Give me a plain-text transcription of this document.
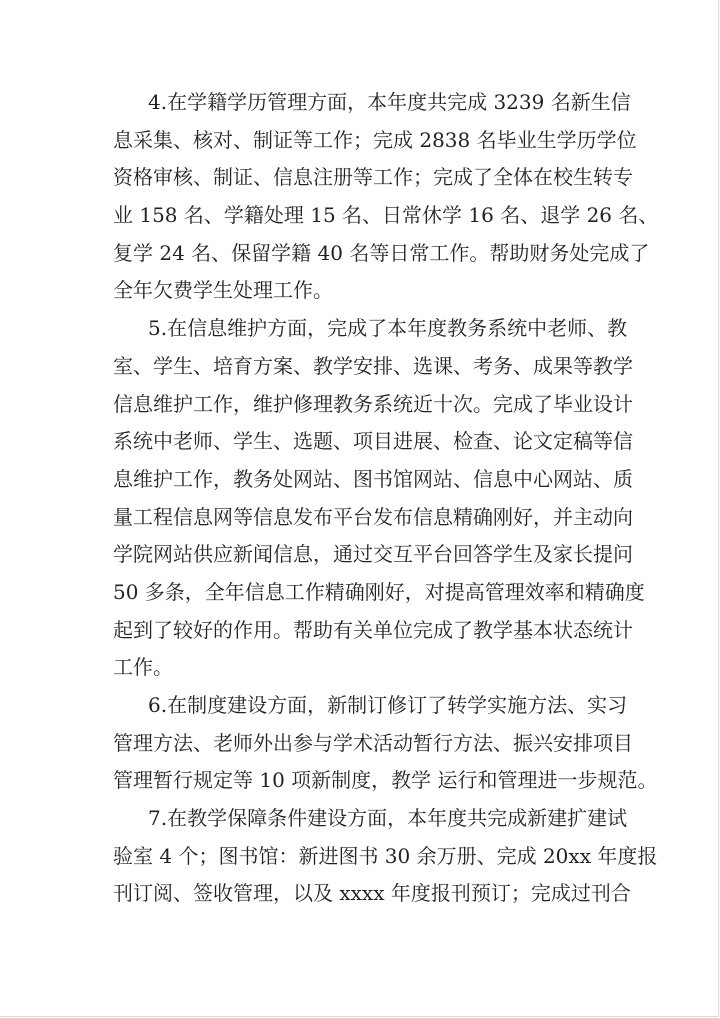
4.在学籍学历管理方面，本年度共完成 3239 名新生信
息采集、核对、制证等工作；完成 2838 名毕业生学历学位
资格审核、制证、信息注册等工作；完成了全体在校生转专
业 158 名、学籍处理 15 名、日常休学 16 名、退学 26 名、
复学 24 名、保留学籍 40 名等日常工作。帮助财务处完成了
全年欠费学生处理工作。
5.在信息维护方面，完成了本年度教务系统中老师、教
室、学生、培育方案、教学安排、选课、考务、成果等教学
信息维护工作，维护修理教务系统近十次。完成了毕业设计
系统中老师、学生、选题、项目进展、检查、论文定稿等信
息维护工作，教务处网站、图书馆网站、信息中心网站、质
量工程信息网等信息发布平台发布信息精确刚好，并主动向
学院网站供应新闻信息，通过交互平台回答学生及家长提问
50 多条，全年信息工作精确刚好，对提高管理效率和精确度
起到了较好的作用。帮助有关单位完成了教学基本状态统计
工作。
6.在制度建设方面，新制订修订了转学实施方法、实习
管理方法、老师外出参与学术活动暂行方法、振兴安排项目
管理暂行规定等 10 项新制度，教学 运行和管理进一步规范。
7.在教学保障条件建设方面，本年度共完成新建扩建试
验室 4 个；图书馆：新进图书 30 余万册、完成 20xx 年度报
刊订阅、签收管理，以及 xxxx 年度报刊预订；完成过刊合
